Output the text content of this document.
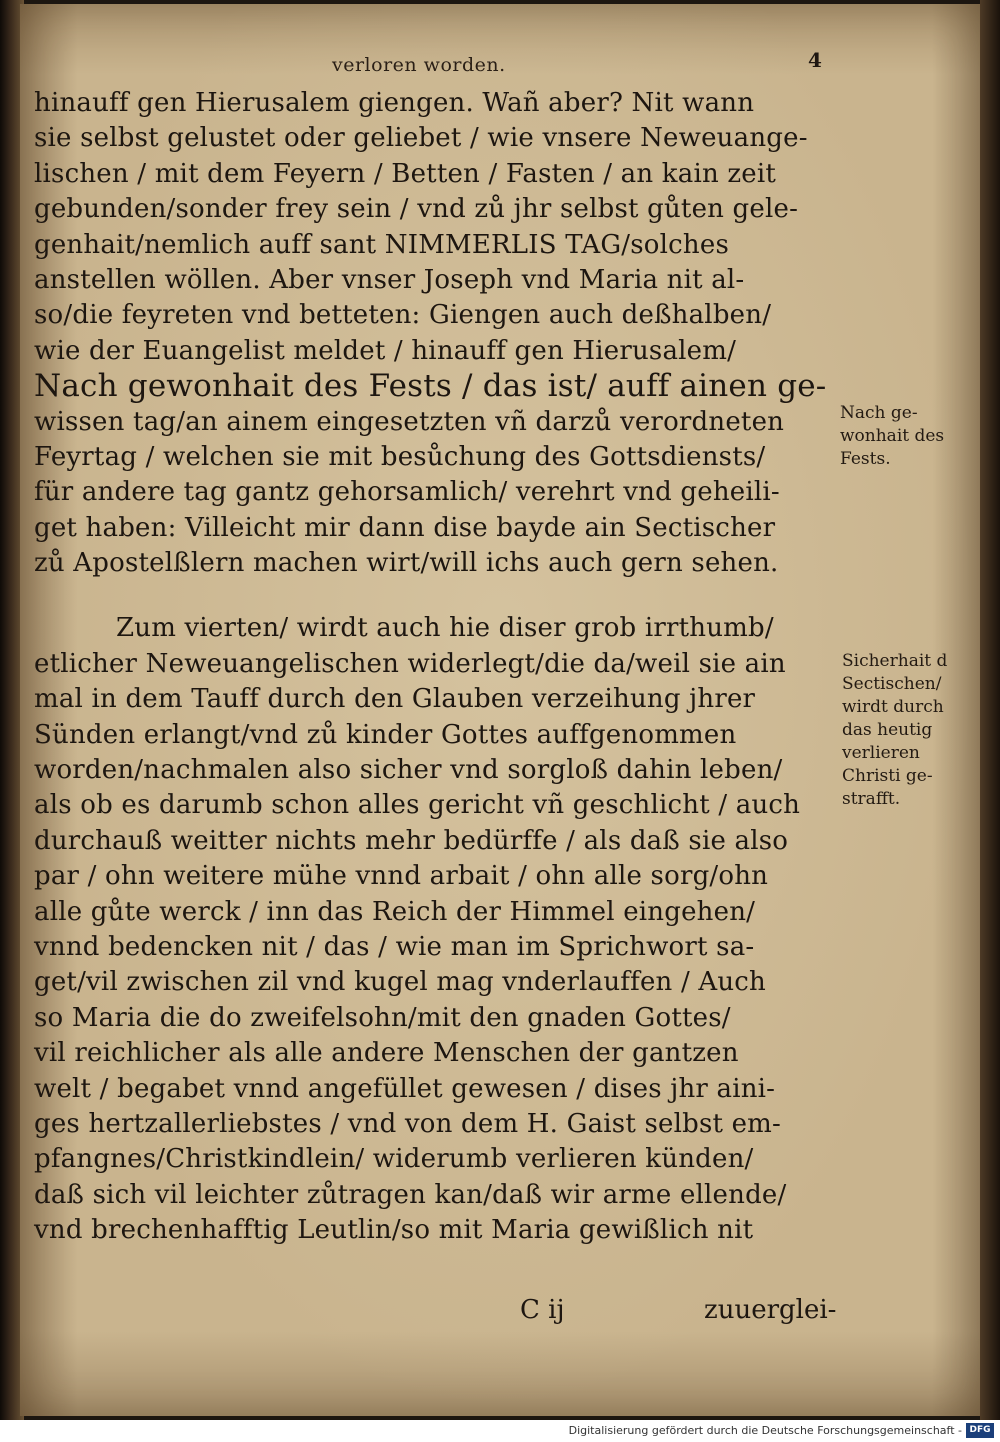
verloren worden.	4
hinauff gen Hierusalem giengen. Wañ aber? Nit wann
sie selbst gelustet oder geliebet / wie vnsere Neweuange-
lischen / mit dem Feyern / Betten / Fasten / an kain zeit
gebunden/sonder frey sein / vnd zů jhr selbst gůten gele-
genhait/nemlich auff sant NIMMERLIS TAG/solches
anstellen wöllen. Aber vnser Joseph vnd Maria nit al-
so/die feyreten vnd betteten: Giengen auch deßhalben/
wie der Euangelist meldet / hinauff gen Hierusalem/
Nach gewonhait des Fests / das ist/ auff ainen ge-
wissen tag/an ainem eingesetzten vñ darzů verordneten
Feyrtag / welchen sie mit besůchung des Gottsdiensts/
für andere tag gantz gehorsamlich/ verehrt vnd geheili-
get haben: Villeicht mir dann dise bayde ain Sectischer
zů Apostelßlern machen wirt/will ichs auch gern sehen.
Zum vierten/ wirdt auch hie diser grob irrthumb/
etlicher Neweuangelischen widerlegt/die da/weil sie ain
mal in dem Tauff durch den Glauben verzeihung jhrer
Sünden erlangt/vnd zů kinder Gottes auffgenommen
worden/nachmalen also sicher vnd sorgloß dahin leben/
als ob es darumb schon alles gericht vñ geschlicht / auch
durchauß weitter nichts mehr bedürffe / als daß sie also
par / ohn weitere mühe vnnd arbait / ohn alle sorg/ohn
alle gůte werck / inn das Reich der Himmel eingehen/
vnnd bedencken nit / das / wie man im Sprichwort sa-
get/vil zwischen zil vnd kugel mag vnderlauffen / Auch
so Maria die do zweifelsohn/mit den gnaden Gottes/
vil reichlicher als alle andere Menschen der gantzen
welt / begabet vnnd angefüllet gewesen / dises jhr aini-
ges hertzallerliebstes / vnd von dem H. Gaist selbst em-
pfangnes/Christkindlein/ widerumb verlieren künden/
daß sich vil leichter zůtragen kan/daß wir arme ellende/
vnd brechenhafftig Leutlin/so mit Maria gewißlich nit
Nach ge-
wonhait des
Fests.
Sicherhait d
Sectischen/
wirdt durch
das heutig
verlieren
Christi ge-
strafft.
C ij	zuuerglei-
Digitalisierung gefördert durch die Deutsche Forschungsgemeinschaft - DFG
